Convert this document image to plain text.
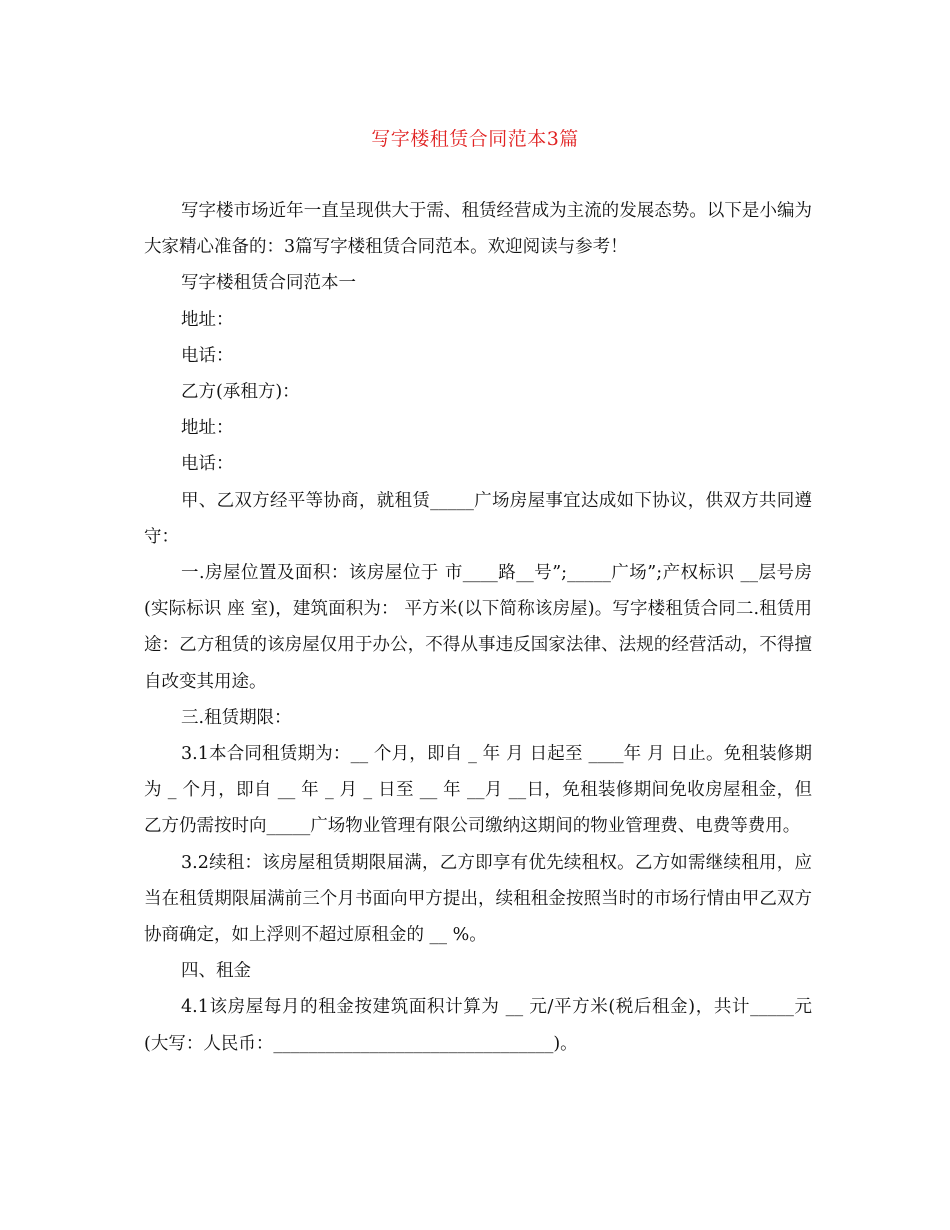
写字楼租赁合同范本3篇

写字楼市场近年一直呈现供大于需、租赁经营成为主流的发展态势。以下是小编为大家精心准备的：3篇写字楼租赁合同范本。欢迎阅读与参考！

写字楼租赁合同范本一

地址：

电话：

乙方(承租方)：

地址：

电话：

甲、乙双方经平等协商，就租赁_____广场房屋事宜达成如下协议，供双方共同遵守：

一.房屋位置及面积：该房屋位于 市____路__号”;_____广场”;产权标识 __层号房(实际标识 座 室)，建筑面积为： 平方米(以下简称该房屋)。写字楼租赁合同二.租赁用途：乙方租赁的该房屋仅用于办公，不得从事违反国家法律、法规的经营活动，不得擅自改变其用途。

三.租赁期限：

3.1本合同租赁期为：__ 个月，即自 _ 年 月 日起至 ____年 月 日止。免租装修期为 _ 个月，即自 __ 年 _ 月 _ 日至 __ 年 __月 __日，免租装修期间免收房屋租金，但乙方仍需按时向_____广场物业管理有限公司缴纳这期间的物业管理费、电费等费用。

3.2续租：该房屋租赁期限届满，乙方即享有优先续租权。乙方如需继续租用，应当在租赁期限届满前三个月书面向甲方提出，续租租金按照当时的市场行情由甲乙双方协商确定，如上浮则不超过原租金的 __ %。

四、租金

4.1该房屋每月的租金按建筑面积计算为 __ 元/平方米(税后租金)，共计_____元(大写：人民币：________________________________)。
